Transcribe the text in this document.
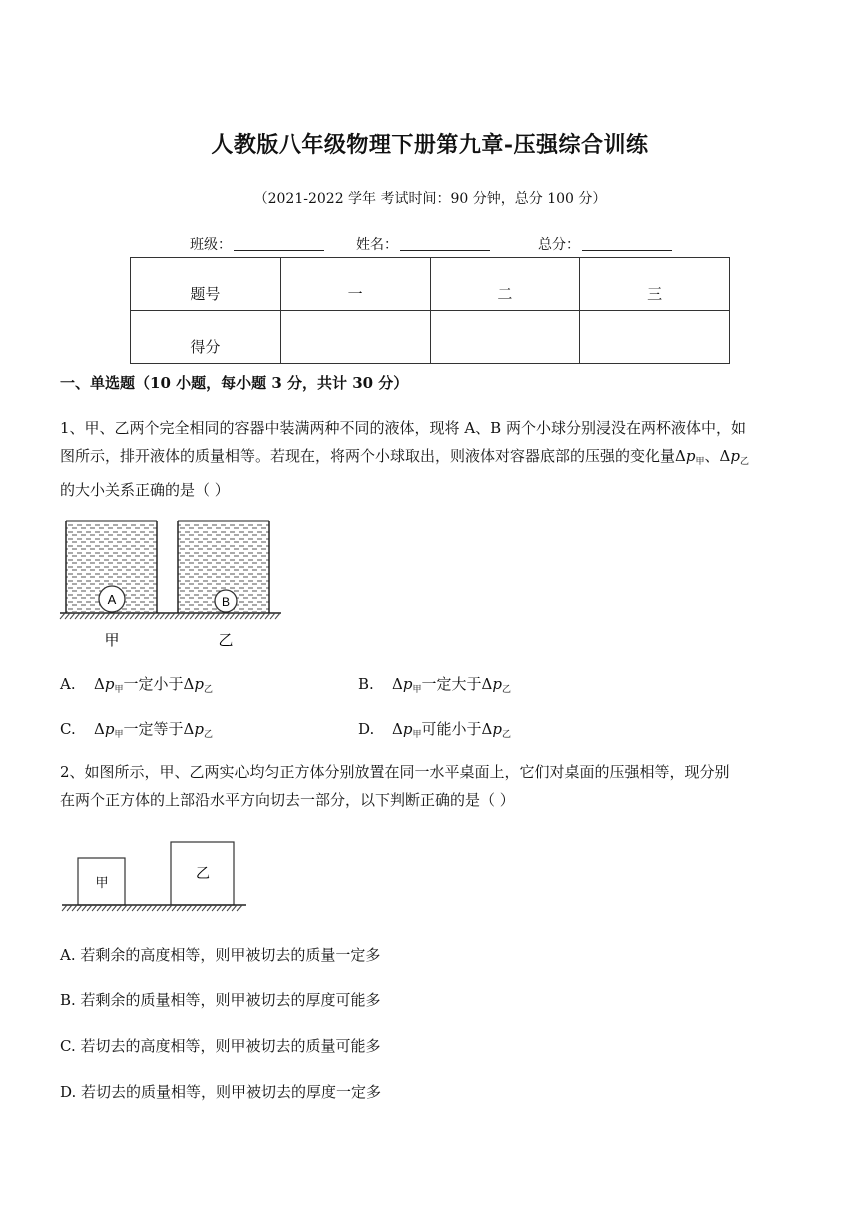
人教版八年级物理下册第九章-压强综合训练
（2021-2022 学年 考试时间：90 分钟，总分 100 分）
班级：	姓名：	总分：
题号	一	二	三
得分			
一、单选题（10 小题，每小题 3 分，共计 30 分）
1、甲、乙两个完全相同的容器中装满两种不同的液体，现将 A、B 两个小球分别浸没在两杯液体中，如
图所示，排开液体的质量相等。若现在，将两个小球取出，则液体对容器底部的压强的变化量$\Delta p_甲$、$\Delta p_乙$
的大小关系正确的是（ ）
A	B
甲	乙
A. $\Delta p_甲$一定小于$\Delta p_乙$	B. $\Delta p_甲$一定大于$\Delta p_乙$
C. $\Delta p_甲$一定等于$\Delta p_乙$	D. $\Delta p_甲$可能小于$\Delta p_乙$
2、如图所示，甲、乙两实心均匀正方体分别放置在同一水平桌面上，它们对桌面的压强相等，现分别
在两个正方体的上部沿水平方向切去一部分，以下判断正确的是（ ）
甲
乙
A. 若剩余的高度相等，则甲被切去的质量一定多
B. 若剩余的质量相等，则甲被切去的厚度可能多
C. 若切去的高度相等，则甲被切去的质量可能多
D. 若切去的质量相等，则甲被切去的厚度一定多
